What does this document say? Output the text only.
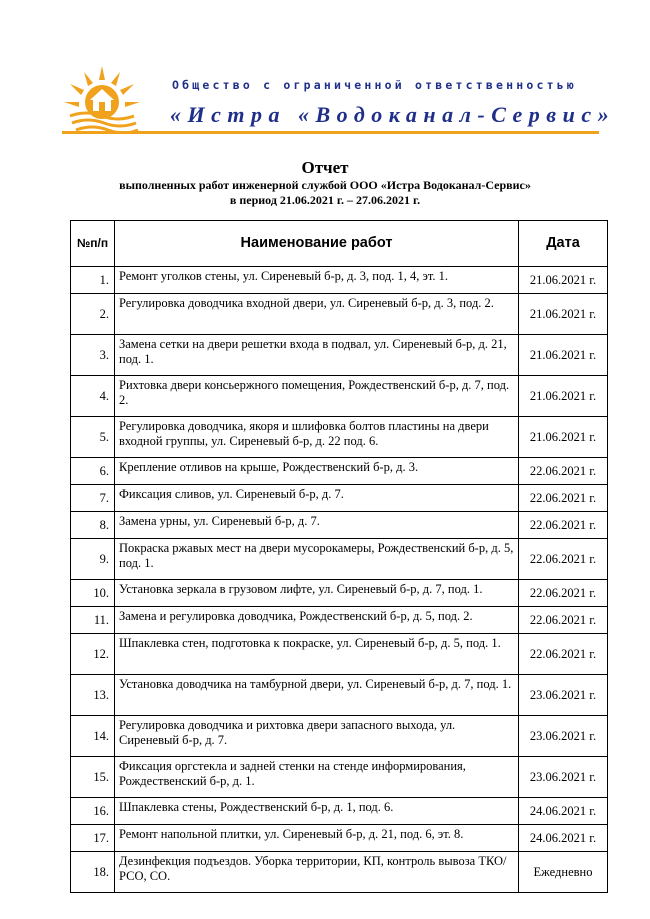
Общество с ограниченной ответственностью
«Истра «Водоканал-Сервис»
Отчет
выполненных работ инженерной службой ООО «Истра Водоканал-Сервис»
в период 21.06.2021 г. – 27.06.2021 г.
№п/п	Наименование работ	Дата
1.	Ремонт уголков стены, ул. Сиреневый б-р, д. 3, под. 1, 4, эт. 1.	21.06.2021 г.
2.	Регулировка доводчика входной двери, ул. Сиреневый б-р, д. 3, под. 2.	21.06.2021 г.
3.	Замена сетки на двери решетки входа в подвал, ул. Сиреневый б-р, д. 21, под. 1.	21.06.2021 г.
4.	Рихтовка двери консьержного помещения, Рождественский б-р, д. 7, под. 2.	21.06.2021 г.
5.	Регулировка доводчика, якоря и шлифовка болтов пластины на двери входной группы, ул. Сиреневый б-р, д. 22 под. 6.	21.06.2021 г.
6.	Крепление отливов на крыше, Рождественский б-р, д. 3.	22.06.2021 г.
7.	Фиксация сливов, ул. Сиреневый б-р, д. 7.	22.06.2021 г.
8.	Замена урны, ул. Сиреневый б-р, д. 7.	22.06.2021 г.
9.	Покраска ржавых мест на двери мусорокамеры, Рождественский б-р, д. 5, под. 1.	22.06.2021 г.
10.	Установка зеркала в грузовом лифте, ул. Сиреневый б-р, д. 7, под. 1.	22.06.2021 г.
11.	Замена и регулировка доводчика, Рождественский б-р, д. 5, под. 2.	22.06.2021 г.
12.	Шпаклевка стен, подготовка к покраске, ул. Сиреневый б-р, д. 5, под. 1.	22.06.2021 г.
13.	Установка доводчика на тамбурной двери, ул. Сиреневый б-р, д. 7, под. 1.	23.06.2021 г.
14.	Регулировка доводчика и рихтовка двери запасного выхода, ул. Сиреневый б-р, д. 7.	23.06.2021 г.
15.	Фиксация оргстекла и задней стенки на стенде информирования, Рождественский б-р, д. 1.	23.06.2021 г.
16.	Шпаклевка стены, Рождественский б-р, д. 1, под. 6.	24.06.2021 г.
17.	Ремонт напольной плитки, ул. Сиреневый б-р, д. 21, под. 6, эт. 8.	24.06.2021 г.
18.	Дезинфекция подъездов. Уборка территории, КП, контроль вывоза ТКО/РСО, СО.	Ежедневно
